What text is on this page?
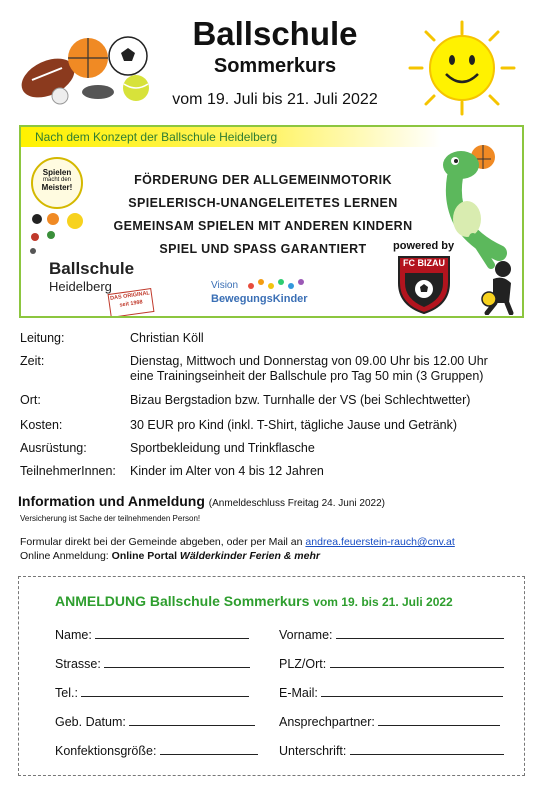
Ballschule
Sommerkurs
vom 19. Juli bis 21. Juli 2022
Nach dem Konzept der Ballschule Heidelberg
Spielen
macht den
Meister!
FÖRDERUNG DER ALLGEMEINMOTORIK
SPIELERISCH-UNANGELEITETES LERNEN
GEMEINSAM SPIELEN MIT ANDEREN KINDERN
SPIEL UND SPASS GARANTIERT
Ballschule
Heidelberg
DAS ORIGINAL seit 1998
Vision
BewegungsKinder
powered by
FC BIZAU
Leitung:	Christian Köll
Zeit:	Dienstag, Mittwoch und Donnerstag von 09.00 Uhr bis 12.00 Uhr
eine Trainingseinheit der Ballschule pro Tag 50 min (3 Gruppen)
Ort:	Bizau Bergstadion bzw. Turnhalle der VS (bei Schlechtwetter)
Kosten:	30 EUR pro Kind (inkl. T-Shirt, tägliche Jause und Getränk)
Ausrüstung:	Sportbekleidung und Trinkflasche
TeilnehmerInnen: Kinder im Alter von 4 bis 12 Jahren
Information und Anmeldung (Anmeldeschluss Freitag 24. Juni 2022)
Versicherung ist Sache der teilnehmenden Person!
Formular direkt bei der Gemeinde abgeben, oder per Mail an andrea.feuerstein-rauch@cnv.at
Online Anmeldung: Online Portal Wälderkinder Ferien & mehr
ANMELDUNG Ballschule Sommerkurs vom 19. bis 21. Juli 2022
Name:	Vorname:
Strasse:	PLZ/Ort:
Tel.:	E-Mail:
Geb. Datum:	Ansprechpartner:
Konfektionsgröße:	Unterschrift:
